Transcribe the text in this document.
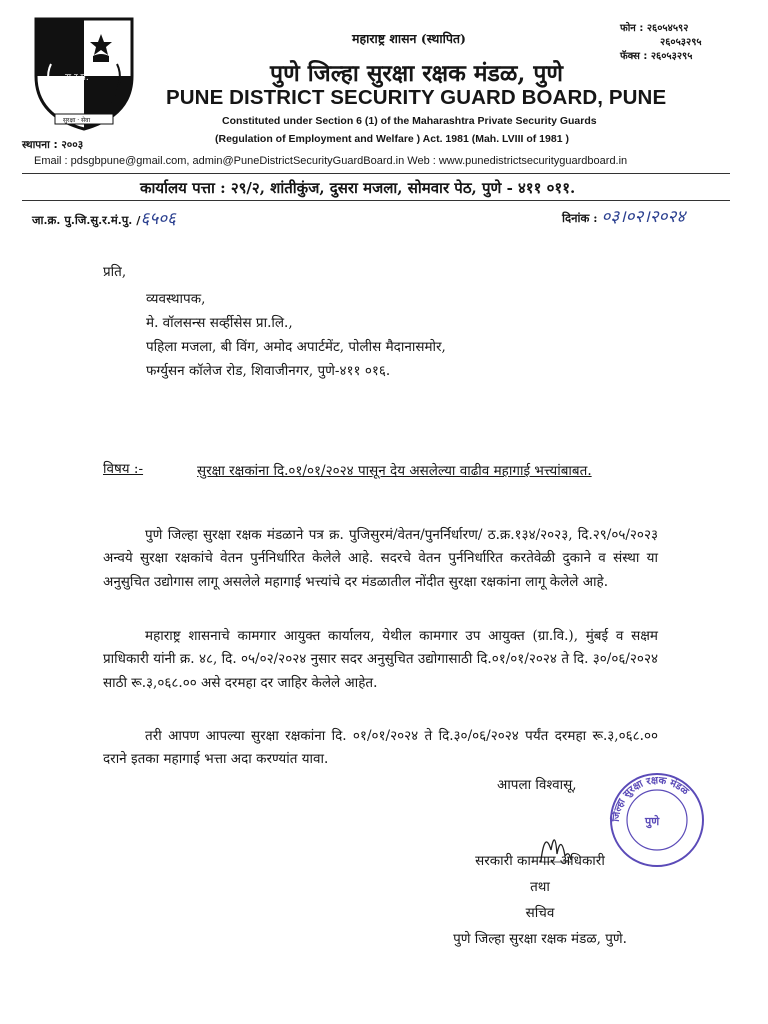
सु.र.मं.
सुरक्षा · सेवा
स्थापना : २००३
महाराष्ट्र शासन (स्थापित)
फोन : २६०५४५९२
२६०५३२९५
फॅक्स : २६०५३२९५
पुणे जिल्हा सुरक्षा रक्षक मंडळ, पुणे
PUNE DISTRICT SECURITY GUARD BOARD, PUNE
Constituted under Section 6 (1) of the Maharashtra Private Security Guards
(Regulation of Employment and Welfare ) Act. 1981 (Mah. LVIII of 1981 )
Email : pdsgbpune@gmail.com, admin@PuneDistrictSecurityGuardBoard.in Web : www.punedistrictsecurityguardboard.in
कार्यालय पत्ता : २९/२, शांतीकुंज, दुसरा मजला, सोमवार पेठ, पुणे - ४११ ०११.
जा.क्र. पु.जि.सु.र.मं.पु. /६५०६	दिनांक : ०३।०२।२०२४
प्रति,
व्यवस्थापक,
मे. वॉलसन्स सर्व्हीसेस प्रा.लि.,
पहिला मजला, बी विंग, अमोद अपार्टमेंट, पोलीस मैदानासमोर,
फर्ग्युसन कॉलेज रोड, शिवाजीनगर, पुणे-४११ ०१६.
विषय :-	सुरक्षा रक्षकांना दि.०१/०१/२०२४ पासून देय असलेल्या वाढीव महागाई भत्त्यांबाबत.
पुणे जिल्हा सुरक्षा रक्षक मंडळाने पत्र क्र. पुजिसुरमं/वेतन/पुनर्निर्धारण/ ठ.क्र.१३४/२०२३, दि.२९/०५/२०२३ अन्वये सुरक्षा रक्षकांचे वेतन पुर्ननिर्धारित केलेले आहे. सदरचे वेतन पुर्ननिर्धारित करतेवेळी दुकाने व संस्था या अनुसुचित उद्योगास लागू असलेले महागाई भत्त्यांचे दर मंडळातील नोंदीत सुरक्षा रक्षकांना लागू केलेले आहे.
महाराष्ट्र शासनाचे कामगार आयुक्त कार्यालय, येथील कामगार उप आयुक्त (ग्रा.वि.), मुंबई व सक्षम प्राधिकारी यांनी क्र. ४८, दि. ०५/०२/२०२४ नुसार सदर अनुसुचित उद्योगासाठी दि.०१/०१/२०२४ ते दि. ३०/०६/२०२४ साठी रू.३,०६८.०० असे दरमहा दर जाहिर केलेले आहेत.
तरी आपण आपल्या सुरक्षा रक्षकांना दि. ०१/०१/२०२४ ते दि.३०/०६/२०२४ पर्यंत दरमहा रू.३,०६८.०० दराने इतका महागाई भत्ता अदा करण्यांत यावा.
आपला विश्वासू,
सरकारी कामगार अधिकारी
तथा
सचिव
पुणे जिल्हा सुरक्षा रक्षक मंडळ, पुणे.
जिल्हा सुरक्षा रक्षक मंडळ
पुणे
